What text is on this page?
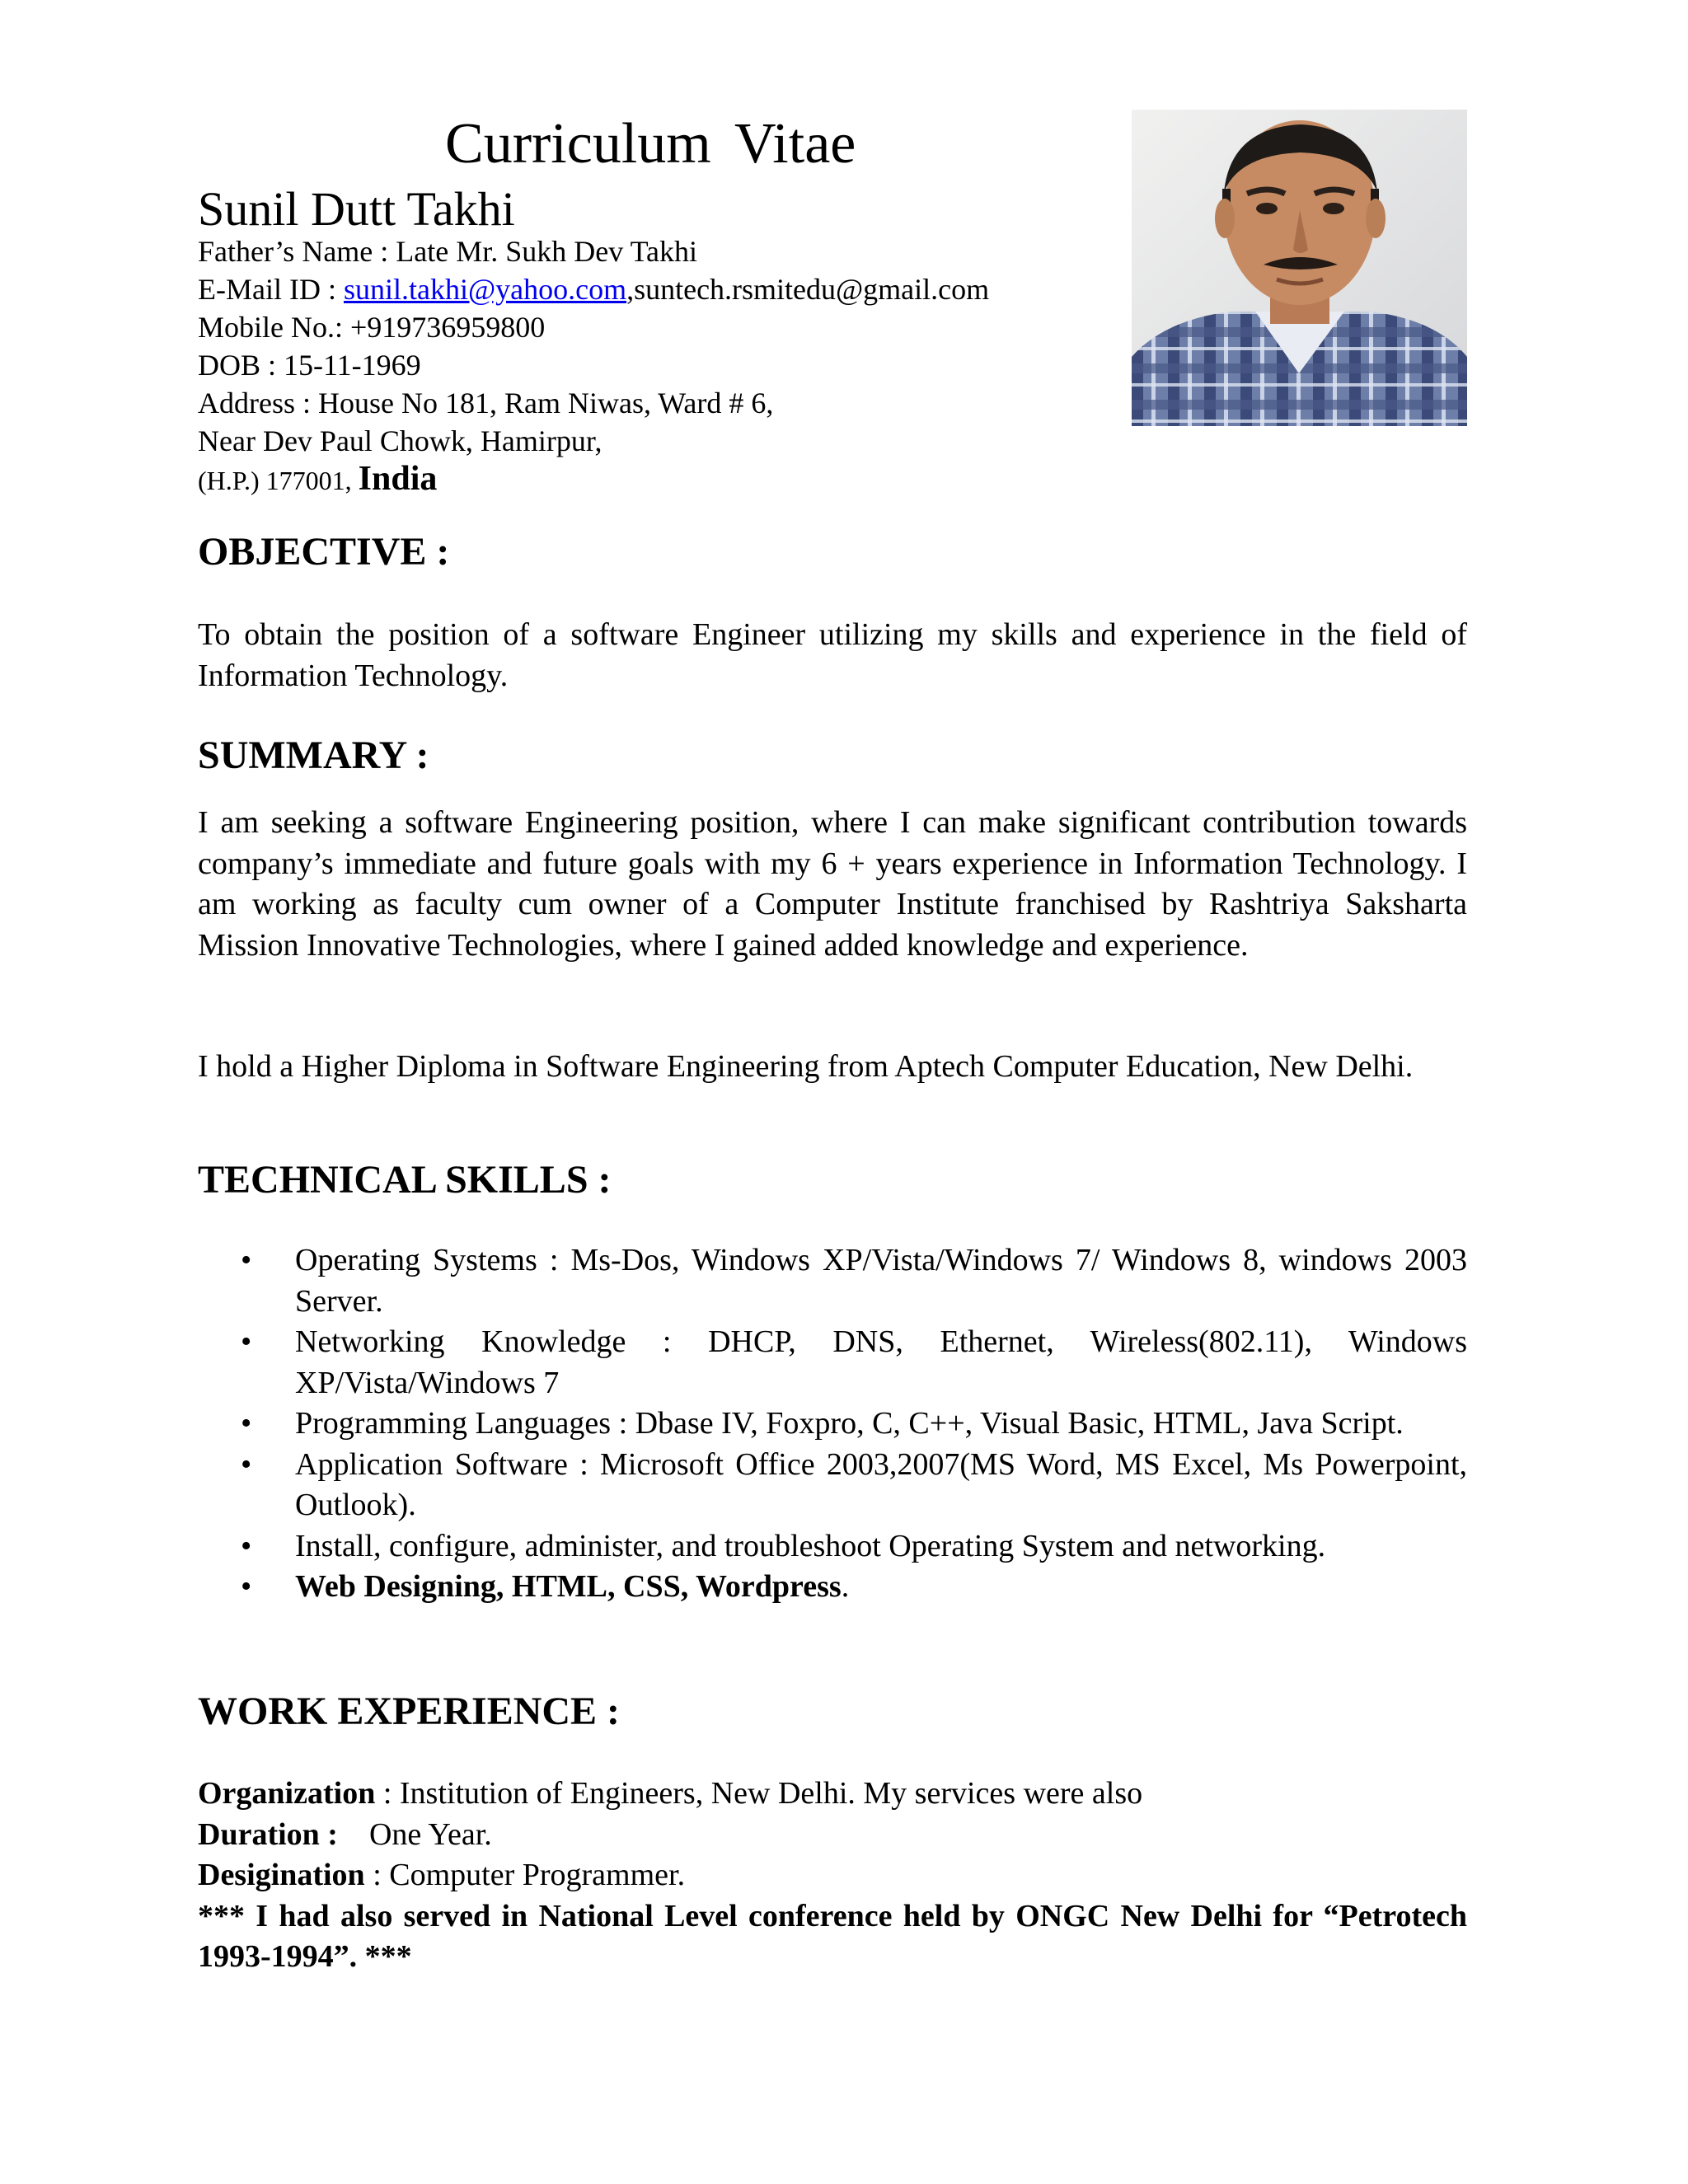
Curriculum Vitae
Sunil Dutt Takhi
Father’s Name : Late Mr. Sukh Dev Takhi
E-Mail ID : sunil.takhi@yahoo.com,suntech.rsmitedu@gmail.com
Mobile No.: +919736959800
DOB : 15-11-1969
Address : House No 181, Ram Niwas, Ward # 6,
Near Dev Paul Chowk, Hamirpur,
(H.P.) 177001, India
OBJECTIVE :
To obtain the position of a software Engineer utilizing my skills and experience in the field of Information Technology.
SUMMARY :
I am seeking a software Engineering position, where I can make significant contribution towards company’s immediate and future goals with my 6 + years experience in Information Technology. I am working as faculty cum owner of a Computer Institute franchised by Rashtriya Saksharta Mission Innovative Technologies, where I gained added knowledge and experience.
I hold a Higher Diploma in Software Engineering from Aptech Computer Education, New Delhi.
TECHNICAL SKILLS :
• Operating Systems : Ms-Dos, Windows XP/Vista/Windows 7/ Windows 8, windows 2003 Server.
• Networking Knowledge : DHCP, DNS, Ethernet, Wireless(802.11), Windows XP/Vista/Windows 7
• Programming Languages : Dbase IV, Foxpro, C, C++, Visual Basic, HTML, Java Script.
• Application Software : Microsoft Office 2003,2007(MS Word, MS Excel, Ms Powerpoint, Outlook).
• Install, configure, administer, and troubleshoot Operating System and networking.
• Web Designing, HTML, CSS, Wordpress.
WORK EXPERIENCE :
Organization : Institution of Engineers, New Delhi. My services were also
Duration :    One Year.
Desigination : Computer Programmer.
*** I had also served in National Level conference held by ONGC New Delhi for “Petrotech 1993-1994”. ***
